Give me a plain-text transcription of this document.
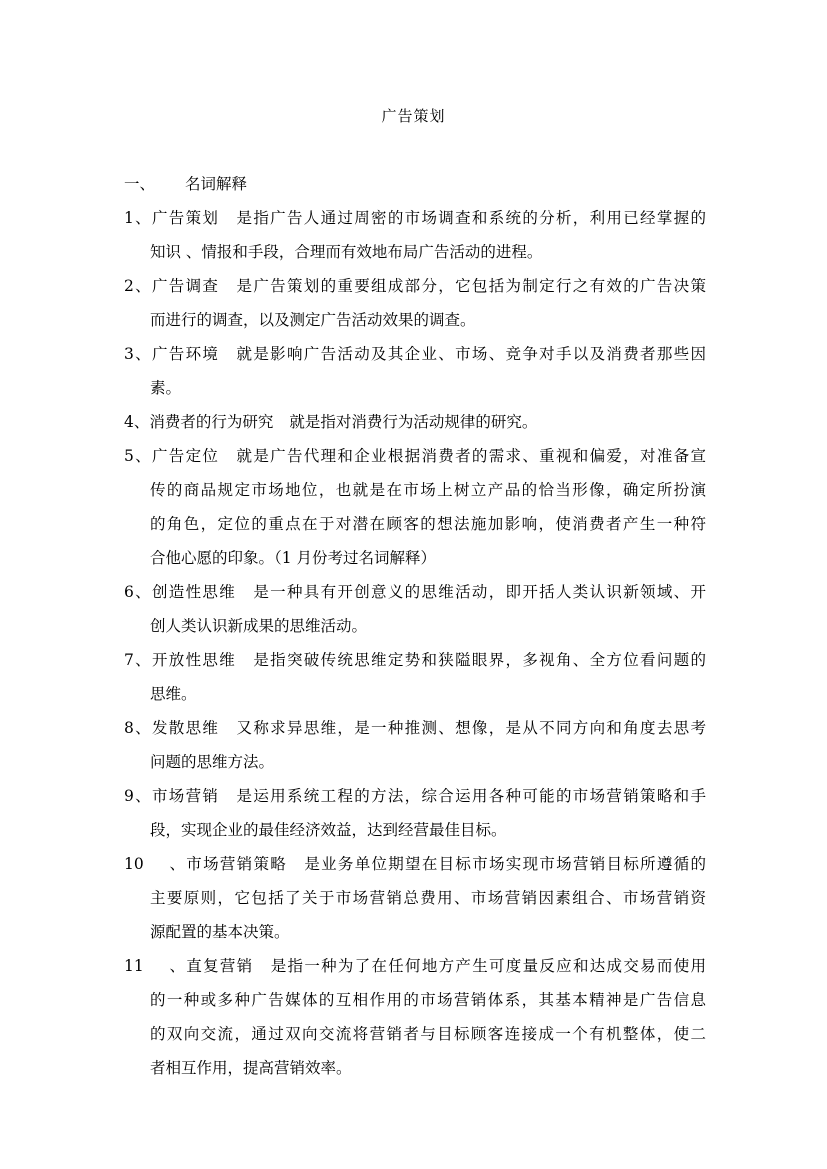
广告策划
一、 名词解释
1、广告策划 是指广告人通过周密的市场调查和系统的分析，利用已经掌握的
知识 、情报和手段，合理而有效地布局广告活动的进程。
2、广告调查 是广告策划的重要组成部分，它包括为制定行之有效的广告决策
而进行的调查，以及测定广告活动效果的调查。
3、广告环境 就是影响广告活动及其企业、市场、竞争对手以及消费者那些因
素。
4、消费者的行为研究 就是指对消费行为活动规律的研究。
5、广告定位 就是广告代理和企业根据消费者的需求、重视和偏爱，对准备宣
传的商品规定市场地位，也就是在市场上树立产品的恰当形像，确定所扮演
的角色，定位的重点在于对潜在顾客的想法施加影响，使消费者产生一种符
合他心愿的印象。（1 月份考过名词解释）
6、创造性思维 是一种具有开创意义的思维活动，即开括人类认识新领域、开
创人类认识新成果的思维活动。
7、开放性思维 是指突破传统思维定势和狭隘眼界，多视角、全方位看问题的
思维。
8、发散思维 又称求异思维，是一种推测、想像，是从不同方向和角度去思考
问题的思维方法。
9、市场营销 是运用系统工程的方法，综合运用各种可能的市场营销策略和手
段，实现企业的最佳经济效益，达到经营最佳目标。
10、市场营销策略 是业务单位期望在目标市场实现市场营销目标所遵循的
主要原则，它包括了关于市场营销总费用、市场营销因素组合、市场营销资
源配置的基本决策。
11、直复营销 是指一种为了在任何地方产生可度量反应和达成交易而使用
的一种或多种广告媒体的互相作用的市场营销体系，其基本精神是广告信息
的双向交流，通过双向交流将营销者与目标顾客连接成一个有机整体，使二
者相互作用，提高营销效率。
